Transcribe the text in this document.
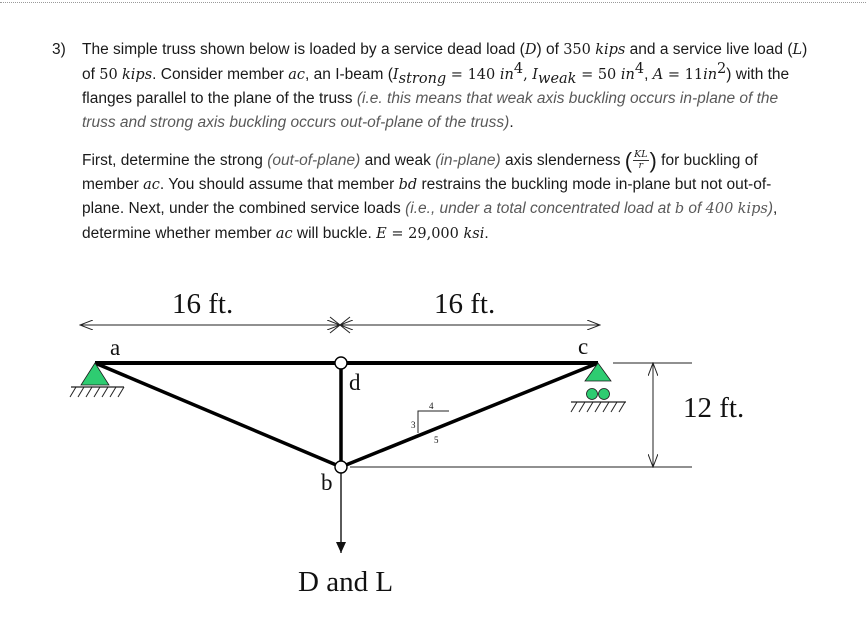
3) The simple truss shown below is loaded by a service dead load (D) of 350 kips and a service live load (L) of 50 kips. Consider member ac, an I-beam ($I_{strong} = 140$ $in^4$, $I_{weak} = 50$ $in^4$, $A = 11in^2$) with the flanges parallel to the plane of the truss (i.e. this means that weak axis buckling occurs in-plane of the truss and strong axis buckling occurs out-of-plane of the truss).

First, determine the strong (out-of-plane) and weak (in-plane) axis slenderness ( $\frac{KL}{r}$ ) for buckling of member ac. You should assume that member bd restrains the buckling mode in-plane but not out-of-plane. Next, under the combined service loads (i.e., under a total concentrated load at b of 400 kips), determine whether member ac will buckle. E = 29,000 ksi.

16 ft.	16 ft.
12 ft.
D and L
4
3
5
a
d
b
c
